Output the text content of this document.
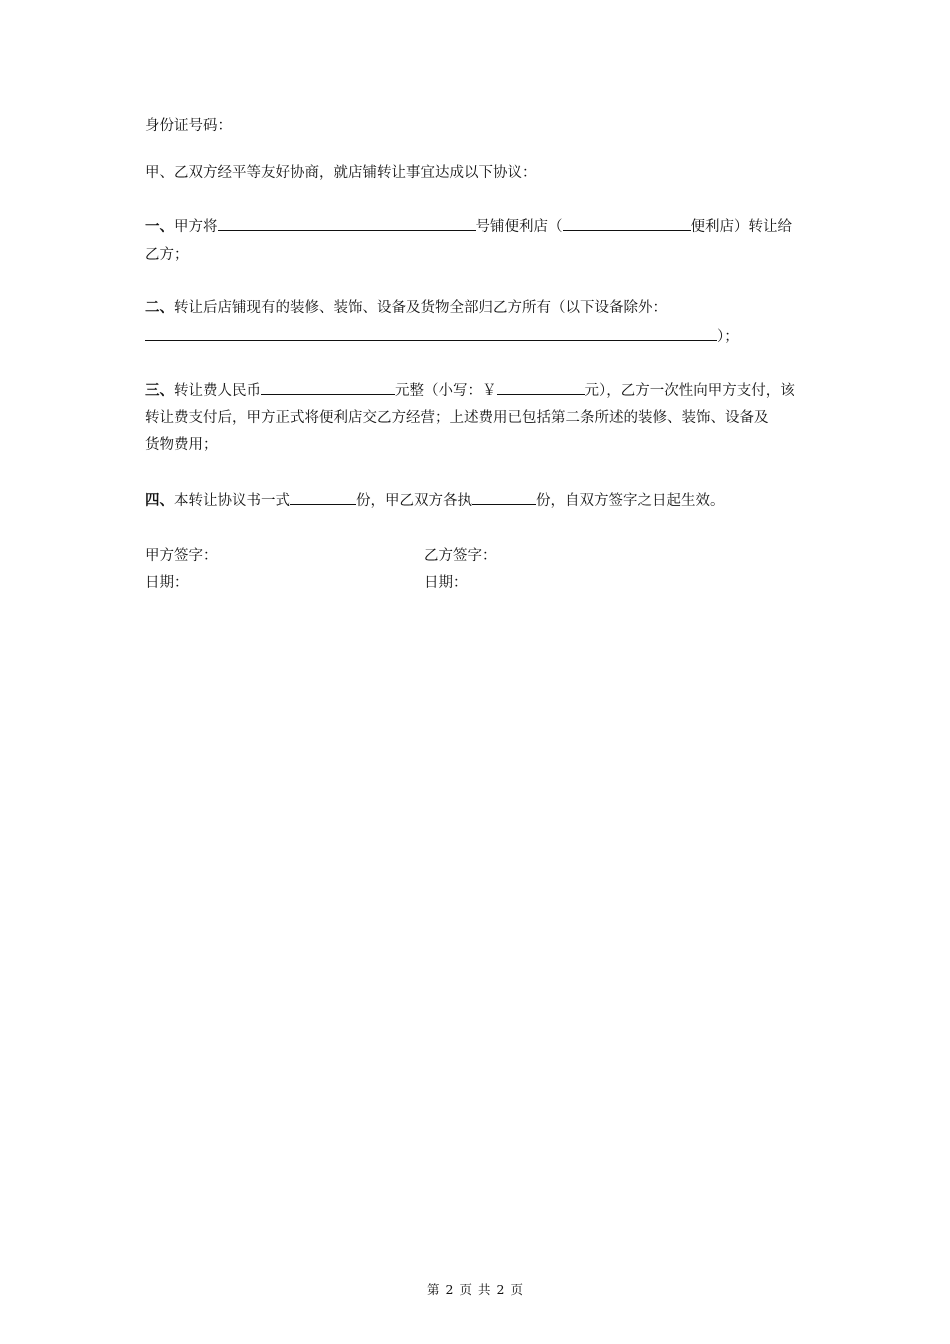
身份证号码：
甲、乙双方经平等友好协商，就店铺转让事宜达成以下协议：
一、甲方将	号铺便利店（	便利店）转让给
乙方；
二、转让后店铺现有的装修、装饰、设备及货物全部归乙方所有（以下设备除外：
）；
三、转让费人民币	元整（小写：￥	元），乙方一次性向甲方支付，该
转让费支付后，甲方正式将便利店交乙方经营；上述费用已包括第二条所述的装修、装饰、设备及
货物费用；
四、本转让协议书一式	份，甲乙双方各执	份，自双方签字之日起生效。
甲方签字：	乙方签字：
日期：	日期：
第 2 页 共 2 页
